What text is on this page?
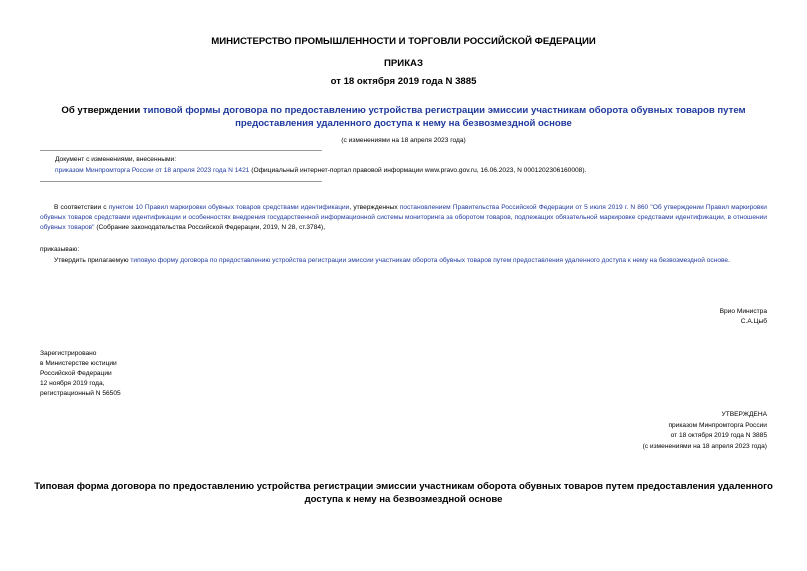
МИНИСТЕРСТВО ПРОМЫШЛЕННОСТИ И ТОРГОВЛИ РОССИЙСКОЙ ФЕДЕРАЦИИ
ПРИКАЗ
от 18 октября 2019 года N 3885
Об утверждении типовой формы договора по предоставлению устройства регистрации эмиссии участникам оборота обувных товаров путем предоставления удаленного доступа к нему на безвозмездной основе
(с изменениями на 18 апреля 2023 года)
Документ с изменениями, внесенными:
приказом Минпромторга России от 18 апреля 2023 года N 1421 (Официальный интернет-портал правовой информации www.pravo.gov.ru, 16.06.2023, N 0001202306160008).
В соответствии с пунктом 10 Правил маркировки обувных товаров средствами идентификации, утвержденных постановлением Правительства Российской Федерации от 5 июля 2019 г. N 860 "Об утверждении Правил маркировки обувных товаров средствами идентификации и особенностях внедрения государственной информационной системы мониторинга за оборотом товаров, подлежащих обязательной маркировке средствами идентификации, в отношении обувных товаров" (Собрание законодательства Российской Федерации, 2019, N 28, ст.3784),
приказываю:
Утвердить прилагаемую типовую форму договора по предоставлению устройства регистрации эмиссии участникам оборота обувных товаров путем предоставления удаленного доступа к нему на безвозмездной основе.

Врио Министра

С.А.Цыб

Зарегистрировано

в Министерстве юстиции

Российской Федерации

12 ноября 2019 года,

регистрационный N 56505

УТВЕРЖДЕНА

приказом Минпромторга России

от 18 октября 2019 года N 3885

(с изменениями на 18 апреля 2023 года)

Типовая форма договора по предоставлению устройства регистрации эмиссии участникам оборота обувных товаров путем предоставления удаленного доступа к нему на безвозмездной основе
